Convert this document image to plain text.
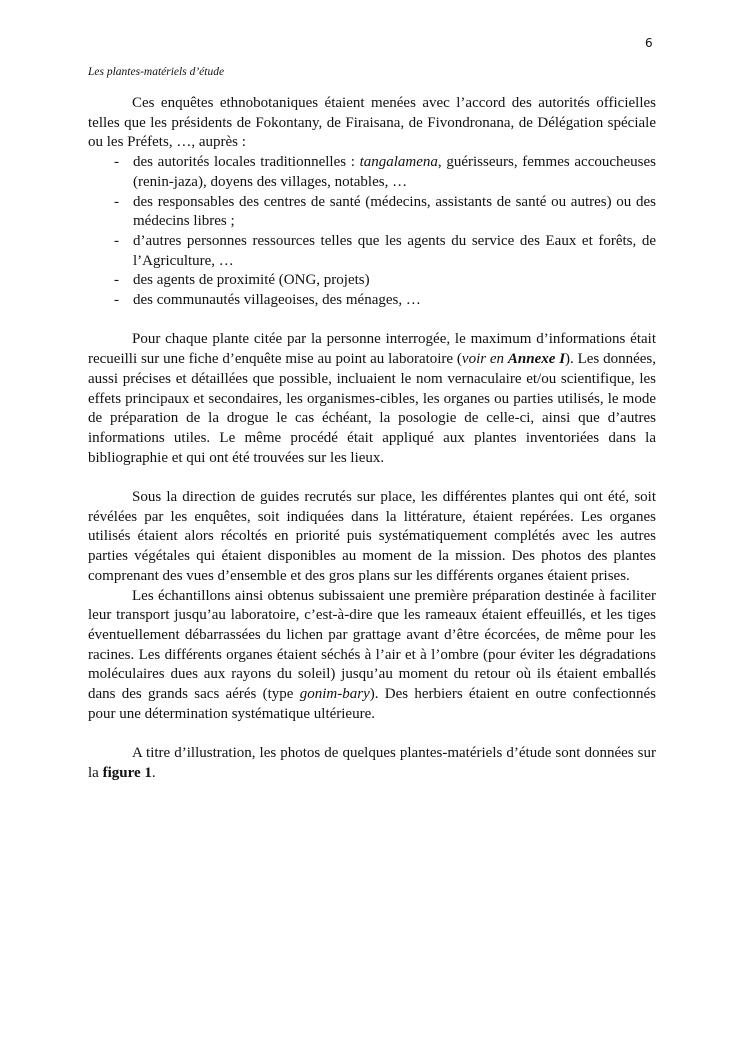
6
Les plantes-matériels d’étude

Ces enquêtes ethnobotaniques étaient menées avec l’accord des autorités officielles telles que les présidents de Fokontany, de Firaisana, de Fivondronana, de Délégation spéciale ou les Préfets, …, auprès :

- des autorités locales traditionnelles : tangalamena, guérisseurs, femmes accoucheuses (renin-jaza), doyens des villages, notables, …
- des responsables des centres de santé (médecins, assistants de santé ou autres) ou des médecins libres ;
- d’autres personnes ressources telles que les agents du service des Eaux et forêts, de l’Agriculture, …
- des agents de proximité (ONG, projets)
- des communautés villageoises, des ménages, …

Pour chaque plante citée par la personne interrogée, le maximum d’informations était recueilli sur une fiche d’enquête mise au point au laboratoire (voir en Annexe I). Les données, aussi précises et détaillées que possible, incluaient le nom vernaculaire et/ou scientifique, les effets principaux et secondaires, les organismes-cibles, les organes ou parties utilisés, le mode de préparation de la drogue le cas échéant, la posologie de celle-ci, ainsi que d’autres informations utiles. Le même procédé était appliqué aux plantes inventoriées dans la bibliographie et qui ont été trouvées sur les lieux.

Sous la direction de guides recrutés sur place, les différentes plantes qui ont été, soit révélées par les enquêtes, soit indiquées dans la littérature, étaient repérées. Les organes utilisés étaient alors récoltés en priorité puis systématiquement complétés avec les autres parties végétales qui étaient disponibles au moment de la mission. Des photos des plantes comprenant des vues d’ensemble et des gros plans sur les différents organes étaient prises.

Les échantillons ainsi obtenus subissaient une première préparation destinée à faciliter leur transport jusqu’au laboratoire, c’est-à-dire que les rameaux étaient effeuillés, et les tiges éventuellement débarrassées du lichen par grattage avant d’être écorcées, de même pour les racines. Les différents organes étaient séchés à l’air et à l’ombre (pour éviter les dégradations moléculaires dues aux rayons du soleil) jusqu’au moment du retour où ils étaient emballés dans des grands sacs aérés (type gonim-bary). Des herbiers étaient en outre confectionnés pour une détermination systématique ultérieure.

A titre d’illustration, les photos de quelques plantes-matériels d’étude sont données sur la figure 1.
